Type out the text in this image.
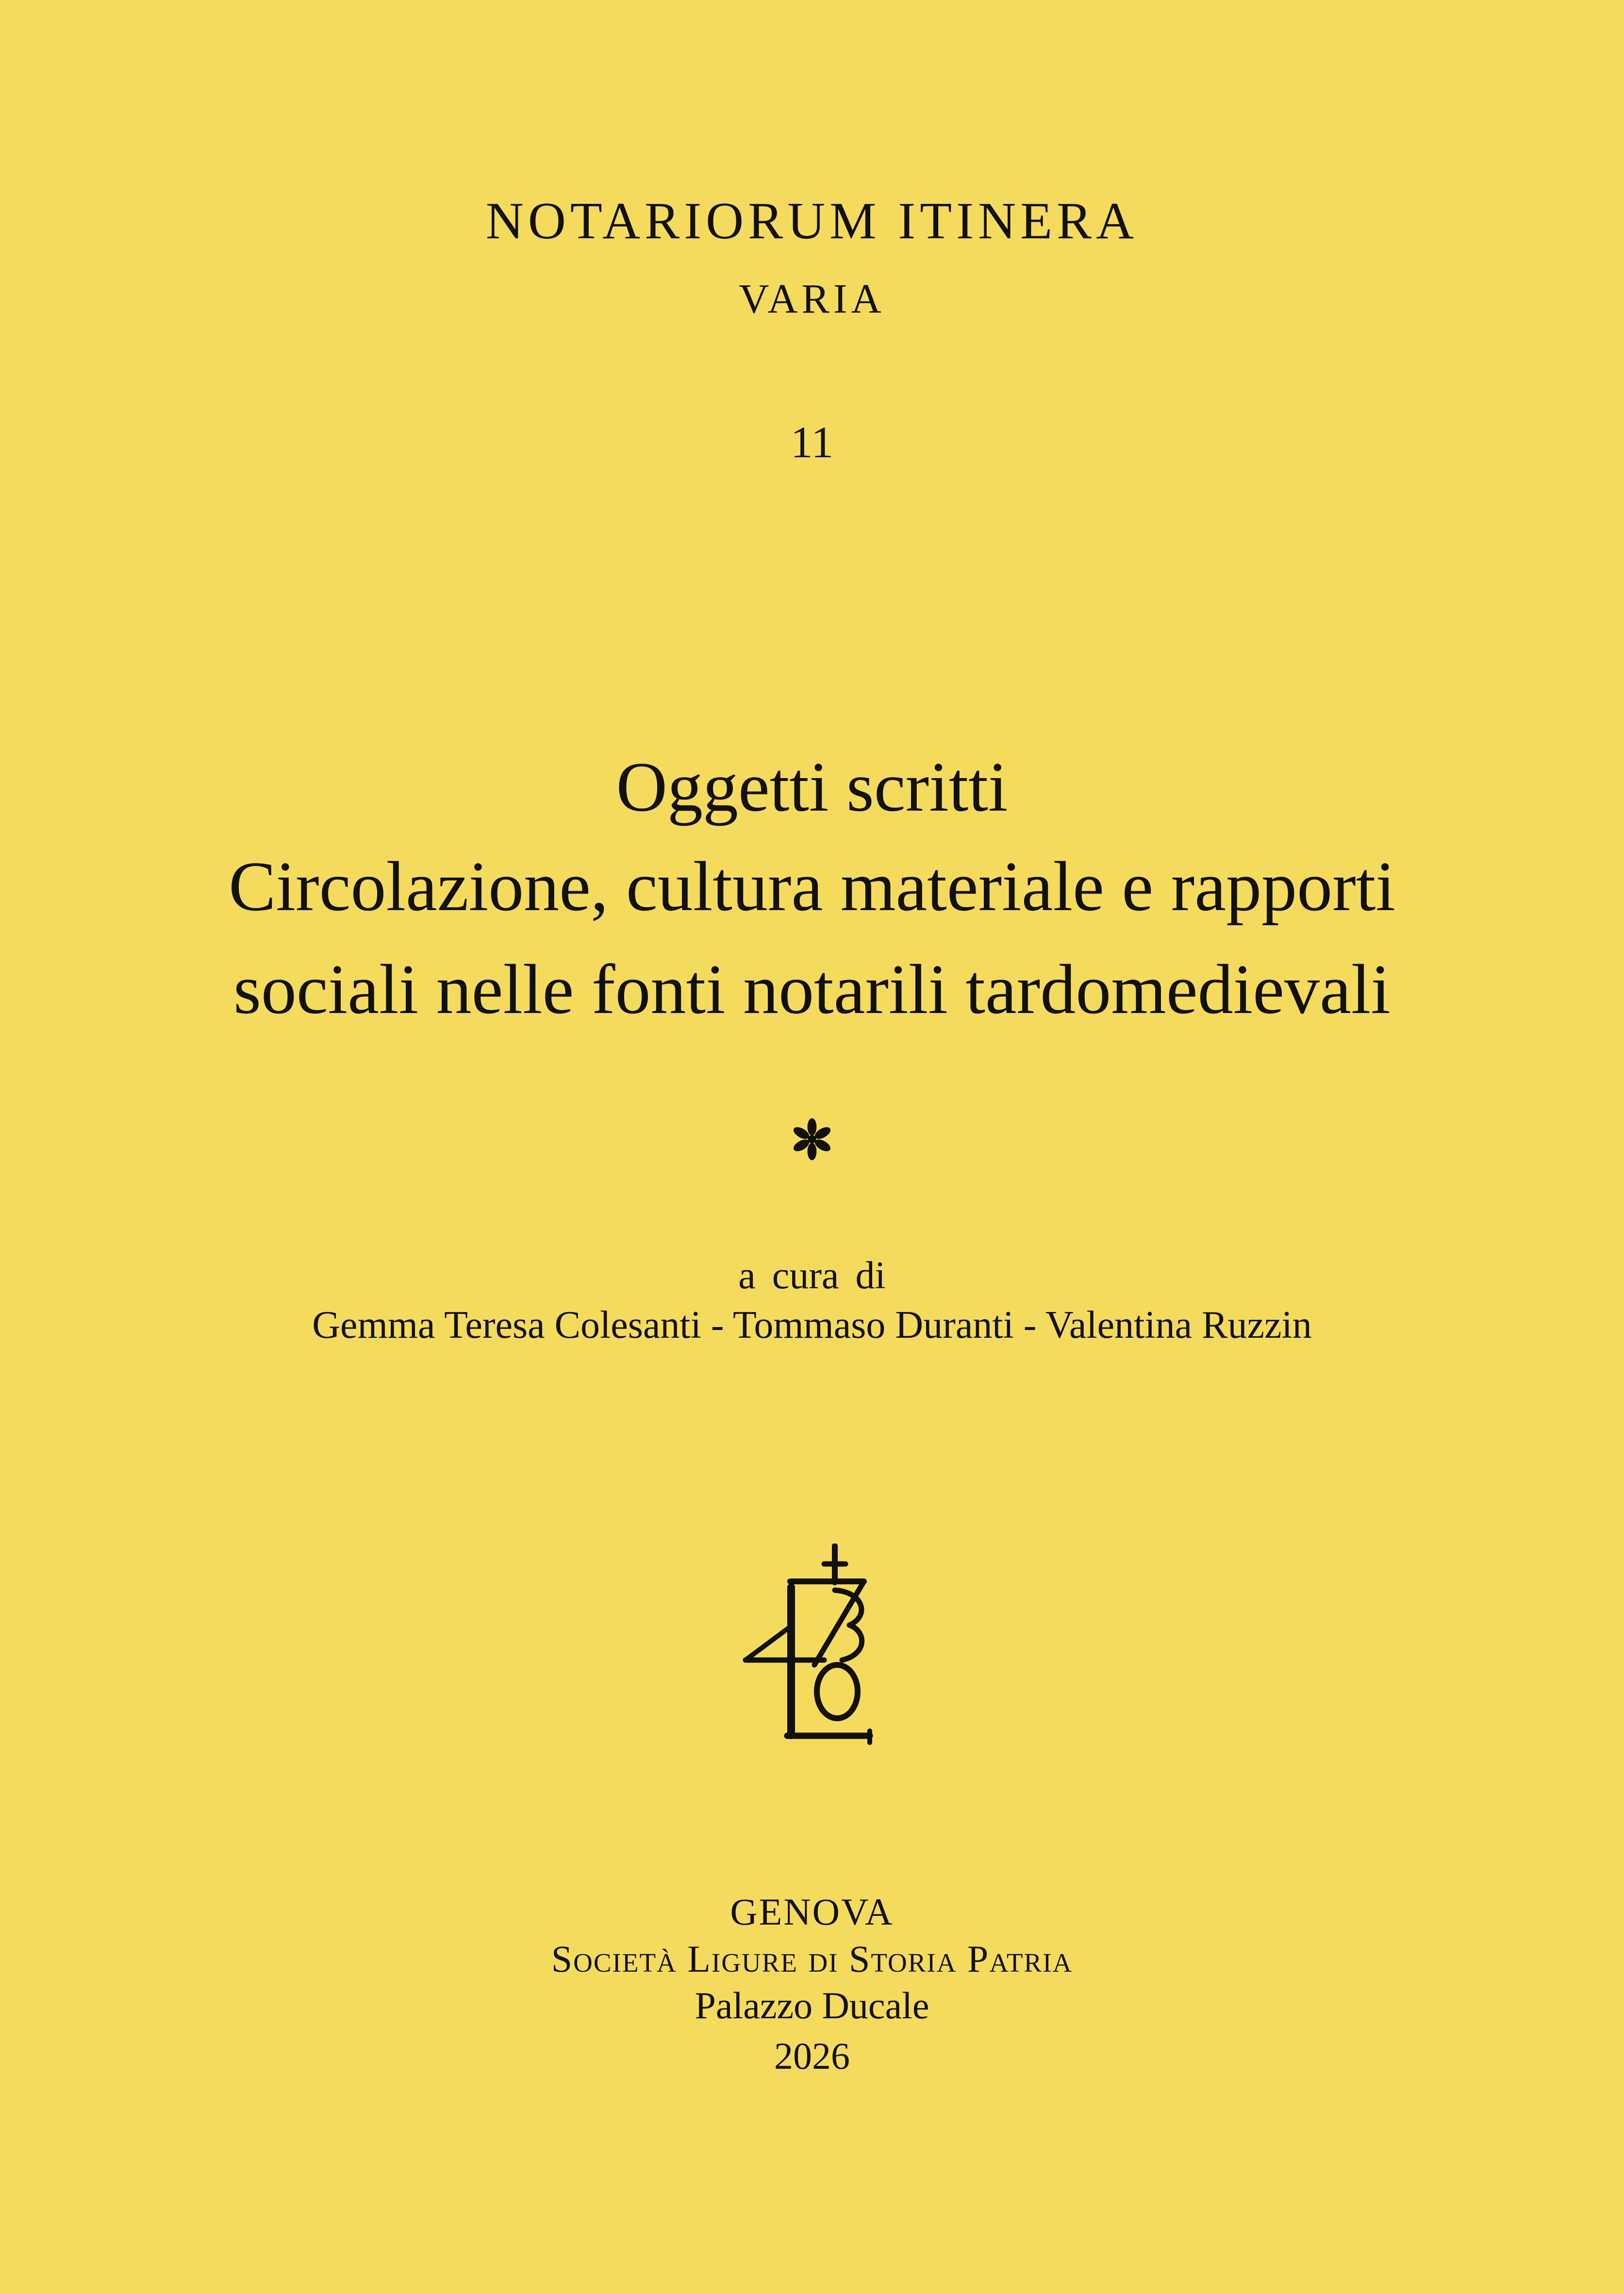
NOTARIORUM ITINERA
VARIA
11
Oggetti scritti
Circolazione, cultura materiale e rapporti
sociali nelle fonti notarili tardomedievali
a cura di
Gemma Teresa Colesanti - Tommaso Duranti - Valentina Ruzzin
GENOVA
Società Ligure di Storia Patria
Palazzo Ducale
2026
